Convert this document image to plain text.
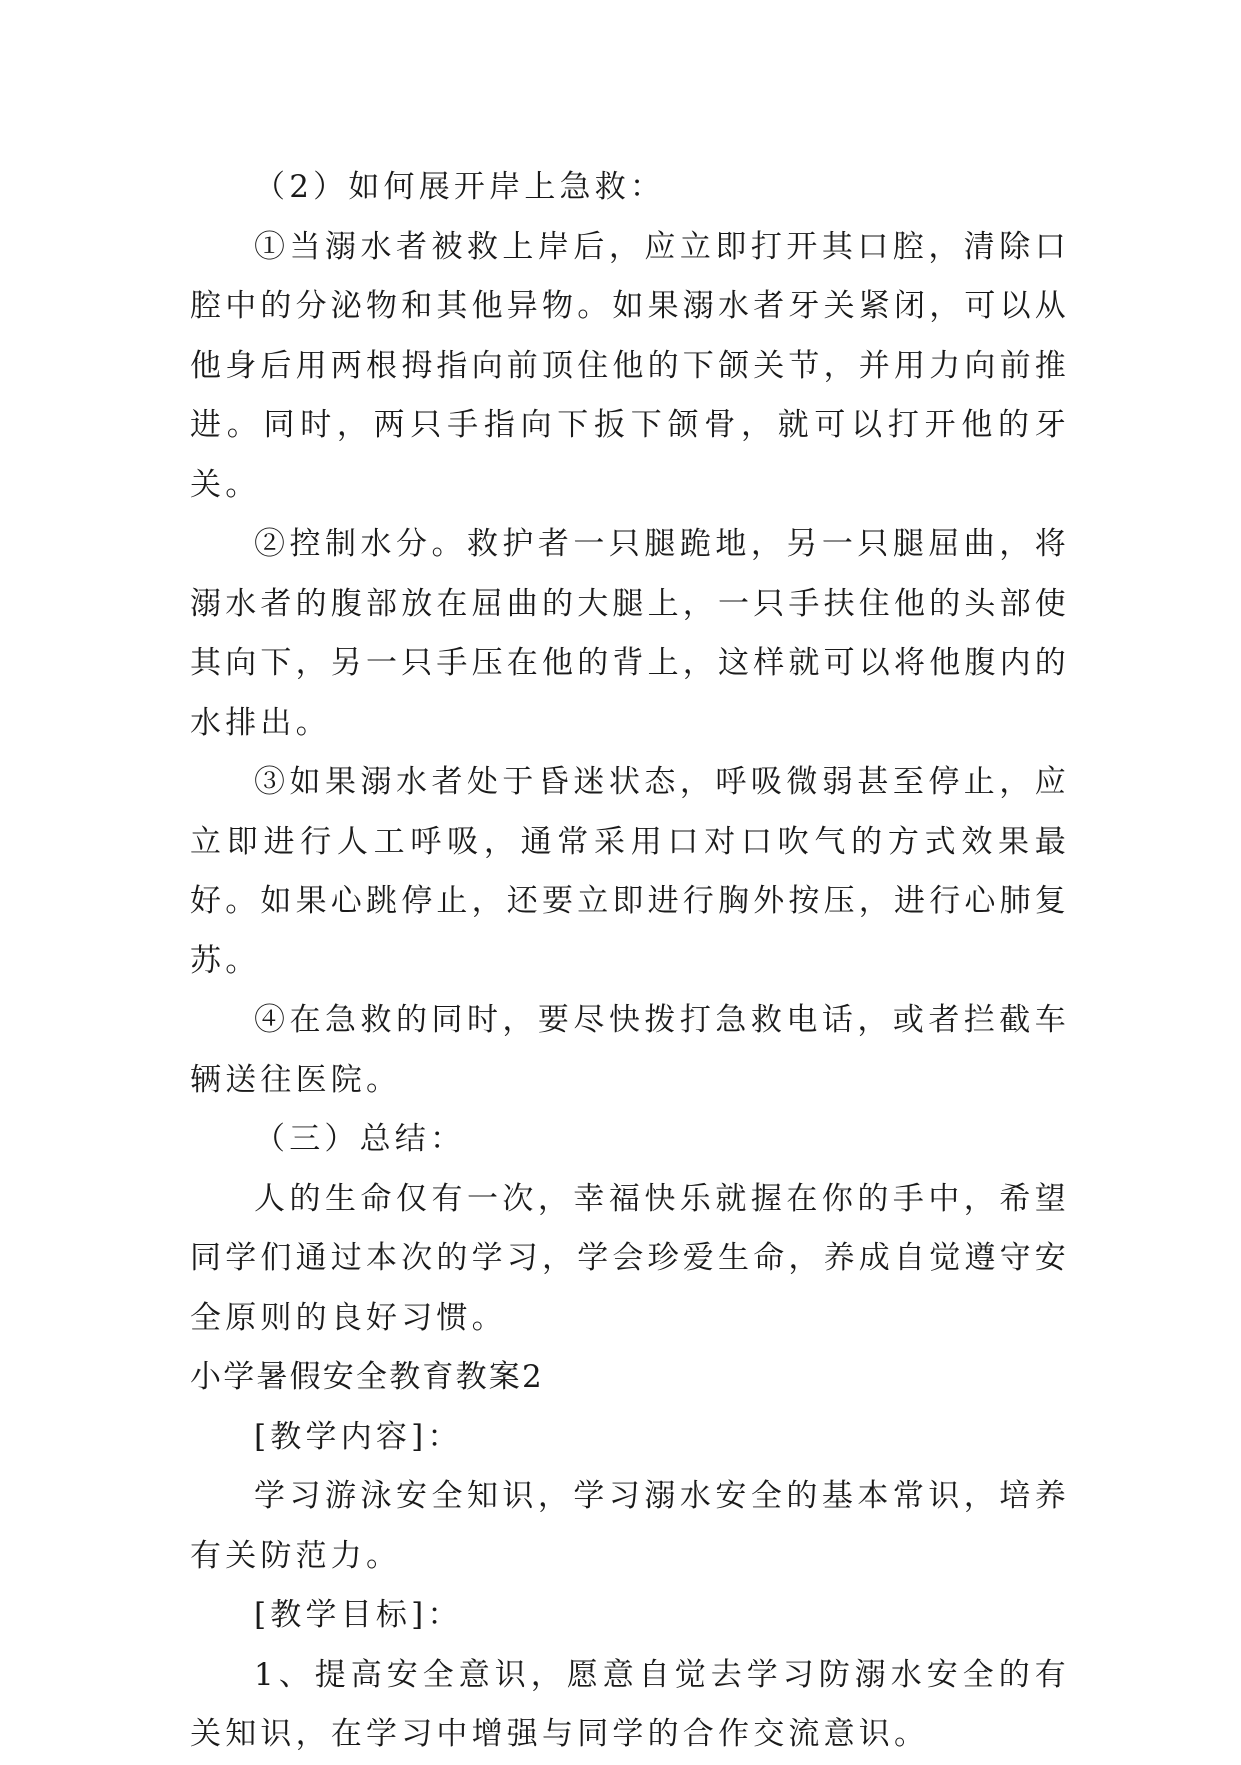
（2）如何展开岸上急救：

①当溺水者被救上岸后，应立即打开其口腔，清除口腔中的分泌物和其他异物。如果溺水者牙关紧闭，可以从他身后用两根拇指向前顶住他的下颌关节，并用力向前推进。同时，两只手指向下扳下颌骨，就可以打开他的牙关。

②控制水分。救护者一只腿跪地，另一只腿屈曲，将溺水者的腹部放在屈曲的大腿上，一只手扶住他的头部使其向下，另一只手压在他的背上，这样就可以将他腹内的水排出。

③如果溺水者处于昏迷状态，呼吸微弱甚至停止，应立即进行人工呼吸，通常采用口对口吹气的方式效果最好。如果心跳停止，还要立即进行胸外按压，进行心肺复苏。

④在急救的同时，要尽快拨打急救电话，或者拦截车辆送往医院。

（三）总结：

人的生命仅有一次，幸福快乐就握在你的手中，希望同学们通过本次的学习，学会珍爱生命，养成自觉遵守安全原则的良好习惯。

小学暑假安全教育教案2

[教学内容]：

学习游泳安全知识，学习溺水安全的基本常识，培养有关防范力。

[教学目标]：

1、提高安全意识，愿意自觉去学习防溺水安全的有关知识，在学习中增强与同学的合作交流意识。
